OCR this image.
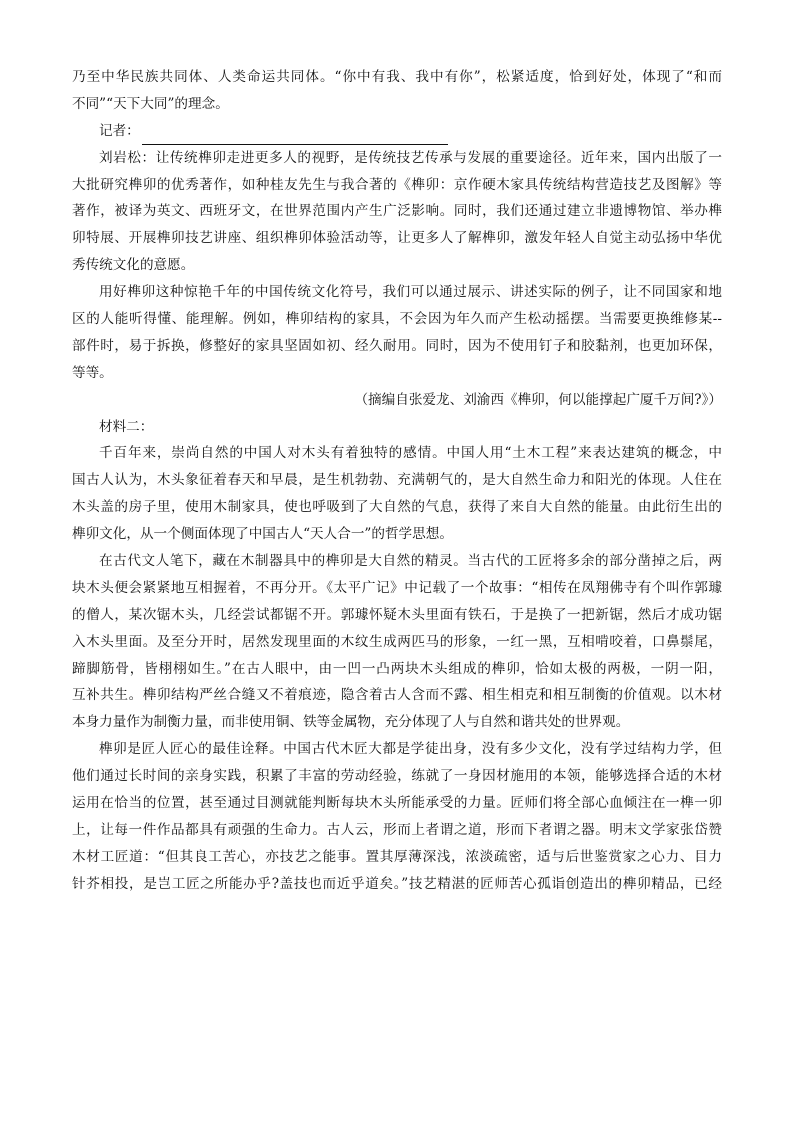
乃至中华民族共同体、人类命运共同体。“你中有我、我中有你”，松紧适度，恰到好处，体现了“和而
不同”“天下大同”的理念。
记者：
刘岩松：让传统榫卯走进更多人的视野，是传统技艺传承与发展的重要途径。近年来，国内出版了一
大批研究榫卯的优秀著作，如种桂友先生与我合著的《榫卯：京作硬木家具传统结构营造技艺及图解》等
著作，被译为英文、西班牙文，在世界范围内产生广泛影响。同时，我们还通过建立非遗博物馆、举办榫
卯特展、开展榫卯技艺讲座、组织榫卯体验活动等，让更多人了解榫卯，激发年轻人自觉主动弘扬中华优
秀传统文化的意愿。
用好榫卯这种惊艳千年的中国传统文化符号，我们可以通过展示、讲述实际的例子，让不同国家和地
区的人能听得懂、能理解。例如，榫卯结构的家具，不会因为年久而产生松动摇摆。当需要更换维修某--
部件时，易于拆换，修整好的家具坚固如初、经久耐用。同时，因为不使用钉子和胶黏剂，也更加环保，
等等。
（摘编自张爱龙、刘渝西《榫卯，何以能撑起广厦千万间?》）
材料二：
千百年来，崇尚自然的中国人对木头有着独特的感情。中国人用“土木工程”来表达建筑的概念，中
国古人认为，木头象征着春天和早晨，是生机勃勃、充满朝气的，是大自然生命力和阳光的体现。人住在
木头盖的房子里，使用木制家具，使也呼吸到了大自然的气息，获得了来自大自然的能量。由此衍生出的
榫卯文化，从一个侧面体现了中国古人“天人合一”的哲学思想。
在古代文人笔下，藏在木制器具中的榫卯是大自然的精灵。当古代的工匠将多余的部分凿掉之后，两
块木头便会紧紧地互相握着，不再分开。《太平广记》中记载了一个故事：“相传在凤翔佛寺有个叫作郭璩
的僧人，某次锯木头，几经尝试都锯不开。郭璩怀疑木头里面有铁石，于是换了一把新锯，然后才成功锯
入木头里面。及至分开时，居然发现里面的木纹生成两匹马的形象，一红一黑，互相啃咬着，口鼻鬃尾，
蹄脚筋骨，皆栩栩如生。”在古人眼中，由一凹一凸两块木头组成的榫卯，恰如太极的两极，一阴一阳，
互补共生。榫卯结构严丝合缝又不着痕迹，隐含着古人含而不露、相生相克和相互制衡的价值观。以木材
本身力量作为制衡力量，而非使用铜、铁等金属物，充分体现了人与自然和谐共处的世界观。
榫卯是匠人匠心的最佳诠释。中国古代木匠大都是学徒出身，没有多少文化，没有学过结构力学，但
他们通过长时间的亲身实践，积累了丰富的劳动经验，练就了一身因材施用的本领，能够选择合适的木材
运用在恰当的位置，甚至通过目测就能判断每块木头所能承受的力量。匠师们将全部心血倾注在一榫一卯
上，让每一件作品都具有顽强的生命力。古人云，形而上者谓之道，形而下者谓之器。明末文学家张岱赞
木材工匠道：“但其良工苦心，亦技艺之能事。置其厚薄深浅，浓淡疏密，适与后世鉴赏家之心力、目力
针芥相投，是岂工匠之所能办乎?盖技也而近乎道矣。”技艺精湛的匠师苦心孤诣创造出的榫卯精品，已经
